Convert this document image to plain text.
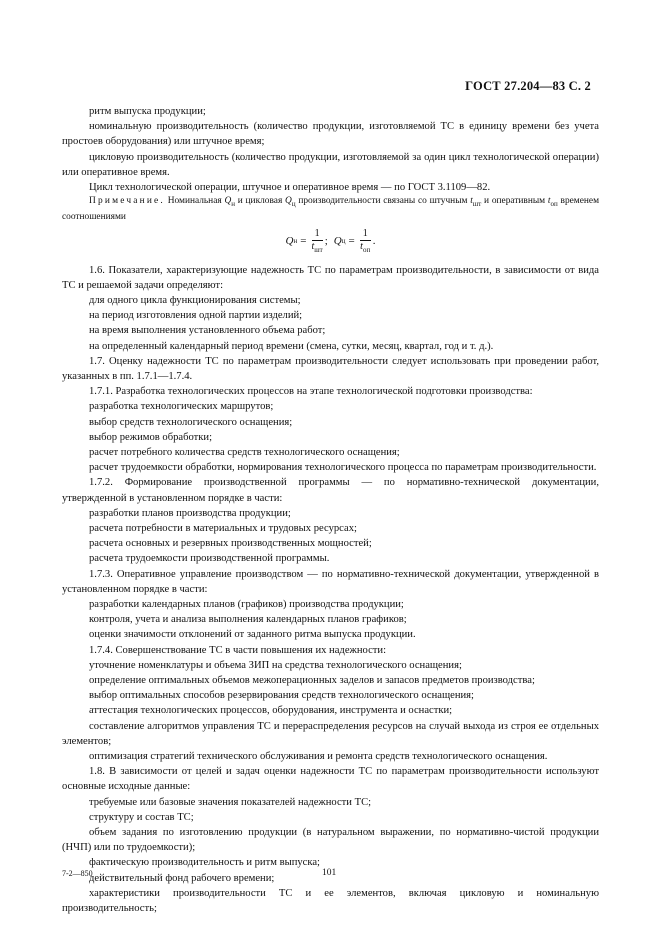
ГОСТ 27.204—83 С. 2

ритм выпуска продукции;

номинальную производительность (количество продукции, изготовляемой ТС в единицу времени без учета простоев оборудования) или штучное время;

цикловую производительность (количество продукции, изготовляемой за один цикл технологической операции) или оперативное время.

Цикл технологической операции, штучное и оперативное время — по ГОСТ 3.1109—82.

Примечание. Номинальная $Q_н$ и цикловая $Q_ц$ производительности связаны со штучным $t_{шт}$ и оперативным $t_{оп}$ временем соотношениями

Q $н = \frac{1}{t_{шт}}$ ; Q $ц = \frac{1}{t_{оп}}$ .

1.6. Показатели, характеризующие надежность ТС по параметрам производительности, в зависимости от вида ТС и решаемой задачи определяют:

для одного цикла функционирования системы;

на период изготовления одной партии изделий;

на время выполнения установленного объема работ;

на определенный календарный период времени (смена, сутки, месяц, квартал, год и т. д.).

1.7. Оценку надежности ТС по параметрам производительности следует использовать при проведении работ, указанных в пп. 1.7.1—1.7.4.

1.7.1. Разработка технологических процессов на этапе технологической подготовки производства:

разработка технологических маршрутов;

выбор средств технологического оснащения;

выбор режимов обработки;

расчет потребного количества средств технологического оснащения;

расчет трудоемкости обработки, нормирования технологического процесса по параметрам производительности.

1.7.2. Формирование производственной программы — по нормативно-технической документации, утвержденной в установленном порядке в части:

разработки планов производства продукции;

расчета потребности в материальных и трудовых ресурсах;

расчета основных и резервных производственных мощностей;

расчета трудоемкости производственной программы.

1.7.3. Оперативное управление производством — по нормативно-технической документации, утвержденной в установленном порядке в части:

разработки календарных планов (графиков) производства продукции;

контроля, учета и анализа выполнения календарных планов графиков;

оценки значимости отклонений от заданного ритма выпуска продукции.

1.7.4. Совершенствование ТС в части повышения их надежности:

уточнение номенклатуры и объема ЗИП на средства технологического оснащения;

определение оптимальных объемов межоперационных заделов и запасов предметов производства;

выбор оптимальных способов резервирования средств технологического оснащения;

аттестация технологических процессов, оборудования, инструмента и оснастки;

составление алгоритмов управления ТС и перераспределения ресурсов на случай выхода из строя ее отдельных элементов;

оптимизация стратегий технического обслуживания и ремонта средств технологического оснащения.

1.8. В зависимости от целей и задач оценки надежности ТС по параметрам производительности используют основные исходные данные:

требуемые или базовые значения показателей надежности ТС;

структуру и состав ТС;

объем задания по изготовлению продукции (в натуральном выражении, по нормативно-чистой продукции (НЧП) или по трудоемкости);

фактическую производительность и ритм выпуска;

действительный фонд рабочего времени;

характеристики производительности ТС и ее элементов, включая цикловую и номинальную производительность;

7-2—850	101
